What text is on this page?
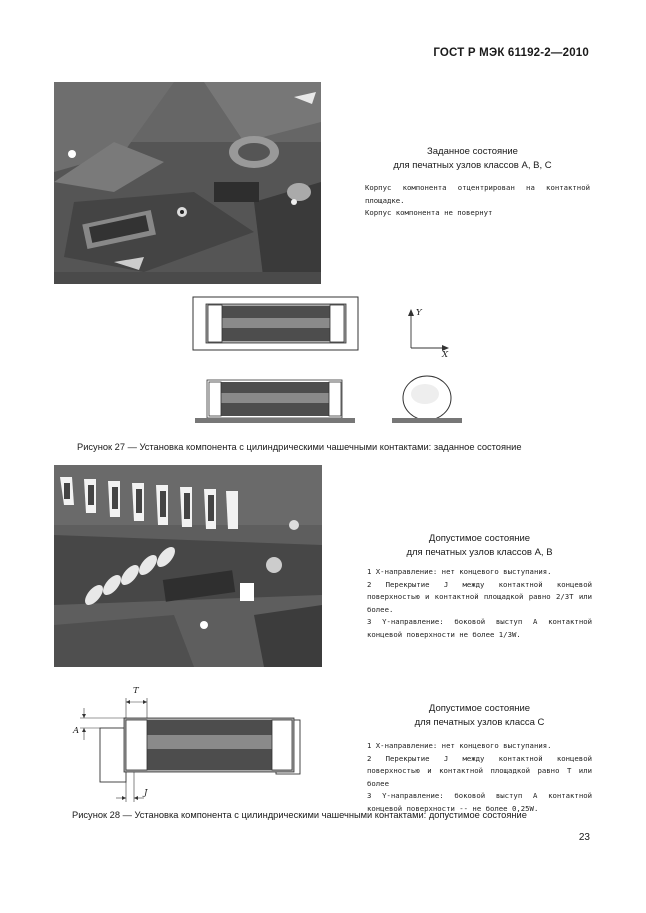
ГОСТ Р МЭК 61192-2—2010
Заданное состояние
для печатных узлов классов А, В, С

Корпус компонента отцентрирован на контактной площадке.

Корпус компонента не повернут

Y
X
Рисунок 27 — Установка компонента с цилиндрическими чашечными контактами: заданное состояние
Допустимое состояние
для печатных узлов классов А, В

1 X-направление: нет концевого выступания.

2 Перекрытие J между контактной концевой поверхностью и контактной площадкой равно 2/3T или более.

3 Y-направление: боковой выступ A контактной концевой поверхности не более 1/3W.

T
A
J
Допустимое состояние
для печатных узлов класса С

1 X-направление: нет концевого выступания.

2 Перекрытие J между контактной концевой поверхностью и контактной площадкой равно T или более

3 Y-направление: боковой выступ A контактной концевой поверхности -- не более 0,25W.

Рисунок 28 — Установка компонента с цилиндрическими чашечными контактами: допустимое состояние
23
